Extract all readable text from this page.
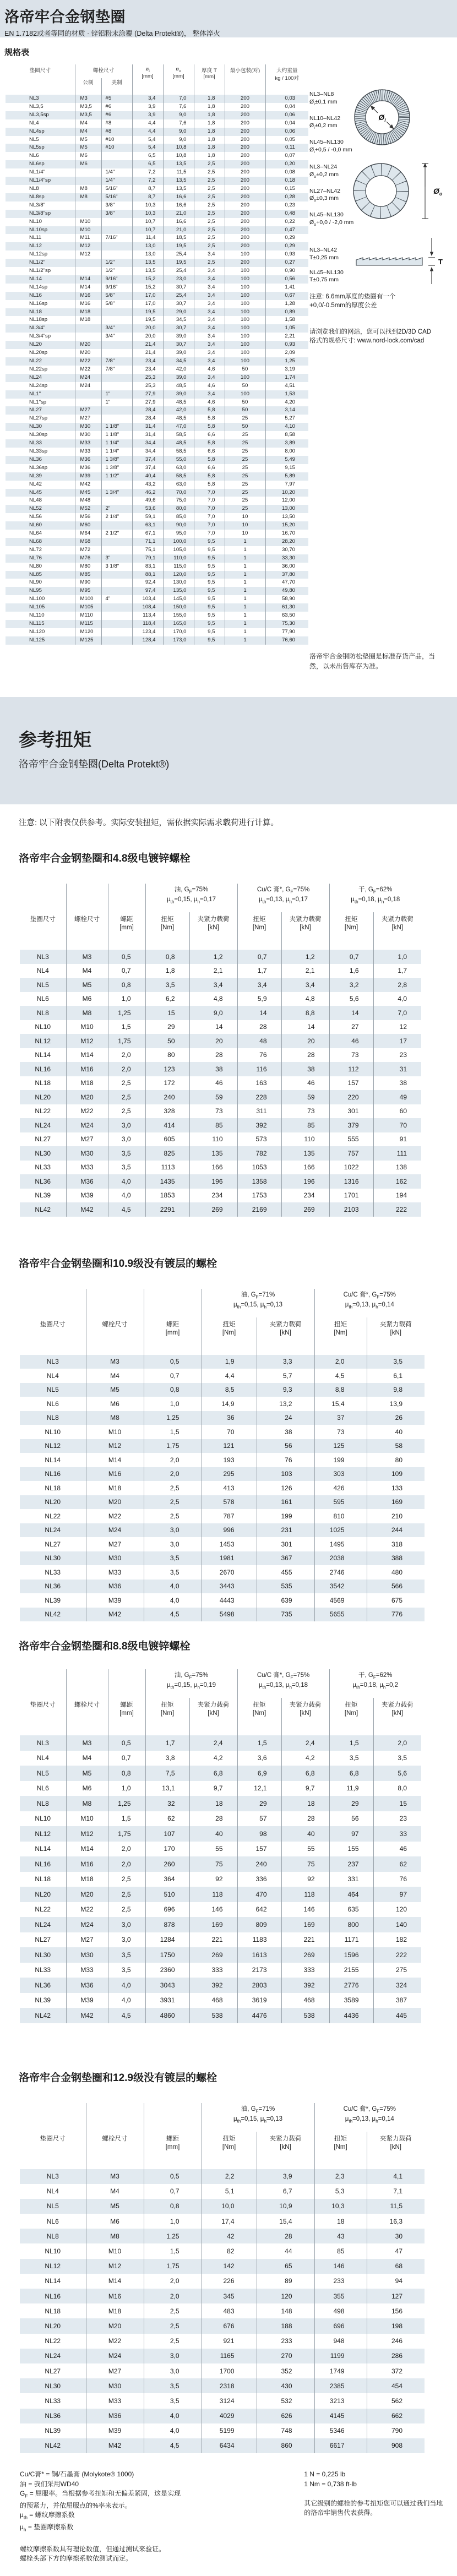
洛帝牢合金钢垫圈
EN 1.7182或者等同的材质 · 锌铝粉末涂覆 (Delta Protekt®)， 整体淬火
规格表
垫圈尺寸	螺栓尺寸		$ø_i$
[mm]	$ø_o$
[mm]	厚度 T
[mm]	最小包装(对)	大约重量
kg / 100对
	公制	美制					
NL3	M3	#5	3,4	7,0	1,8	200	0,03
NL3,5	M3,5	#6	3,9	7,6	1,8	200	0,04
NL3,5sp	M3,5	#6	3,9	9,0	1,8	200	0,06
NL4	M4	#8	4,4	7,6	1,8	200	0,04
NL4sp	M4	#8	4,4	9,0	1,8	200	0,06
NL5	M5	#10	5,4	9,0	1,8	200	0,05
NL5sp	M5	#10	5,4	10,8	1,8	200	0,11
NL6	M6		6,5	10,8	1,8	200	0,07
NL6sp	M6		6,5	13,5	2,5	200	0,20
NL1/4"		1/4"	7,2	11,5	2,5	200	0,08
NL1/4"sp		1/4"	7,2	13,5	2,5	200	0,18
NL8	M8	5/16"	8,7	13,5	2,5	200	0,15
NL8sp	M8	5/16"	8,7	16,6	2,5	200	0,28
NL3/8"		3/8"	10,3	16,6	2,5	200	0,23
NL3/8"sp		3/8"	10,3	21,0	2,5	200	0,48
NL10	M10		10,7	16,6	2,5	200	0,22
NL10sp	M10		10,7	21,0	2,5	200	0,47
NL11	M11	7/16"	11,4	18,5	2,5	200	0,29
NL12	M12		13,0	19,5	2,5	200	0,29
NL12sp	M12		13,0	25,4	3,4	100	0,93
NL1/2"		1/2"	13,5	19,5	2,5	200	0,27
NL1/2"sp		1/2"	13,5	25,4	3,4	100	0,90
NL14	M14	9/16"	15,2	23,0	3,4	100	0,56
NL14sp	M14	9/16"	15,2	30,7	3,4	100	1,41
NL16	M16	5/8"	17,0	25,4	3,4	100	0,67
NL16sp	M16	5/8"	17,0	30,7	3,4	100	1,28
NL18	M18		19,5	29,0	3,4	100	0,89
NL18sp	M18		19,5	34,5	3,4	100	1,58
NL3/4"		3/4"	20,0	30,7	3,4	100	1,05
NL3/4"sp		3/4"	20,0	39,0	3,4	100	2,21
NL20	M20		21,4	30,7	3,4	100	0,93
NL20sp	M20		21,4	39,0	3,4	100	2,09
NL22	M22	7/8"	23,4	34,5	3,4	100	1,25
NL22sp	M22	7/8"	23,4	42,0	4,6	50	3,19
NL24	M24		25,3	39,0	3,4	100	1,74
NL24sp	M24		25,3	48,5	4,6	50	4,51
NL1"		1"	27,9	39,0	3,4	100	1,53
NL1"sp		1"	27,9	48,5	4,6	50	4,20
NL27	M27		28,4	42,0	5,8	50	3,14
NL27sp	M27		28,4	48,5	5,8	25	5,27
NL30	M30	1 1/8"	31,4	47,0	5,8	50	4,10
NL30sp	M30	1 1/8"	31,4	58,5	6,6	25	8,58
NL33	M33	1 1/4"	34,4	48,5	5,8	25	3,89
NL33sp	M33	1 1/4"	34,4	58,5	6,6	25	8,00
NL36	M36	1 3/8"	37,4	55,0	5,8	25	5,49
NL36sp	M36	1 3/8"	37,4	63,0	6,6	25	9,15
NL39	M39	1 1/2"	40,4	58,5	5,8	25	5,89
NL42	M42		43,2	63,0	5,8	25	7,97
NL45	M45	1 3/4"	46,2	70,0	7,0	25	10,20
NL48	M48		49,6	75,0	7,0	25	12,00
NL52	M52	2"	53,6	80,0	7,0	25	13,00
NL56	M56	2 1/4"	59,1	85,0	7,0	10	13,50
NL60	M60		63,1	90,0	7,0	10	15,20
NL64	M64	2 1/2"	67,1	95,0	7,0	10	16,70
NL68	M68		71,1	100,0	9,5	1	28,20
NL72	M72		75,1	105,0	9,5	1	30,70
NL76	M76	3"	79,1	110,0	9,5	1	33,30
NL80	M80	3 1/8"	83,1	115,0	9,5	1	36,00
NL85	M85		88,1	120,0	9,5	1	37,80
NL90	M90		92,4	130,0	9,5	1	47,70
NL95	M95		97,4	135,0	9,5	1	49,80
NL100	M100	4"	103,4	145,0	9,5	1	58,90
NL105	M105		108,4	150,0	9,5	1	61,30
NL110	M110		113,4	155,0	9,5	1	63,50
NL115	M115		118,4	165,0	9,5	1	75,30
NL120	M120		123,4	170,0	9,5	1	77,90
NL125	M125		128,4	173,0	9,5	1	76,60
NL3–NL8
$Ø_i\pm 0,1$ mm

NL10–NL42
$Ø_i\pm 0,2$ mm

NL45–NL130
$Ø_i+0,5 / -0,0$ mm
$Ø_i$
NL3–NL24
$Ø_o\pm 0,2$ mm

NL27–NL42
$Ø_o\pm 0,3$ mm

NL45–NL130
$Ø_o+0,0 / -2,0$ mm
$Ø_o$
NL3–NL42
T±0,25 mm

NL45–NL130
T±0,75 mm
T
注意: 6.6mm厚度的垫圈有一个
+0,0/-0.5mm的厚度公差
请浏览我们的网站，您可以找到2D/3D CAD
格式的规格尺寸: www.nord-lock.com/cad
洛帝牢合金钢防松垫圈是标准存货产品，当
然，以未出售库存为准。
参考扭矩
洛帝牢合金钢垫圈(Delta Protekt®)
注意: 以下附表仅供参考。实际安装扭矩，需依据实际需求载荷进行计算。
洛帝牢合金钢垫圈和4.8级电镀锌螺栓

油, $G_F=75\%$
$\mu_{th}=0,15$, $\mu_h=0,17$

Cu/C 膏*, $G_F=75\%$
$\mu_{th}=0,13$, $\mu_h=0,17$

干, $G_F=62\%$
$\mu_{th}=0,18$, $\mu_h=0,18$

垫圈尺寸	螺栓尺寸	螺距
[mm]	扭矩
[Nm]	夹紧力载荷
[kN]	扭矩
[Nm]	夹紧力载荷
[kN]	扭矩
[Nm]	夹紧力载荷
[kN]
NL3	M3	0,5	0,8	1,2	0,7	1,2	0,7	1,0
NL4	M4	0,7	1,8	2,1	1,7	2,1	1,6	1,7
NL5	M5	0,8	3,5	3,4	3,4	3,4	3,2	2,8
NL6	M6	1,0	6,2	4,8	5,9	4,8	5,6	4,0
NL8	M8	1,25	15	9,0	14	8,8	14	7,0
NL10	M10	1,5	29	14	28	14	27	12
NL12	M12	1,75	50	20	48	20	46	17
NL14	M14	2,0	80	28	76	28	73	23
NL16	M16	2,0	123	38	116	38	112	31
NL18	M18	2,5	172	46	163	46	157	38
NL20	M20	2,5	240	59	228	59	220	49
NL22	M22	2,5	328	73	311	73	301	60
NL24	M24	3,0	414	85	392	85	379	70
NL27	M27	3,0	605	110	573	110	555	91
NL30	M30	3,5	825	135	782	135	757	111
NL33	M33	3,5	1113	166	1053	166	1022	138
NL36	M36	4,0	1435	196	1358	196	1316	162
NL39	M39	4,0	1853	234	1753	234	1701	194
NL42	M42	4,5	2291	269	2169	269	2103	222
洛帝牢合金钢垫圈和10.9级没有镀层的螺栓

油, $G_F=71\%$
$\mu_{th}=0,15$, $\mu_h=0,13$

Cu/C 膏*, $G_F=75\%$
$\mu_{th}=0,13$, $\mu_h=0,14$

垫圈尺寸	螺栓尺寸	螺距
[mm]	扭矩
[Nm]	夹紧力载荷
[kN]	扭矩
[Nm]	夹紧力载荷
[kN]
NL3	M3	0,5	1,9	3,3	2,0	3,5
NL4	M4	0,7	4,4	5,7	4,5	6,1
NL5	M5	0,8	8,5	9,3	8,8	9,8
NL6	M6	1,0	14,9	13,2	15,4	13,9
NL8	M8	1,25	36	24	37	26
NL10	M10	1,5	70	38	73	40
NL12	M12	1,75	121	56	125	58
NL14	M14	2,0	193	76	199	80
NL16	M16	2,0	295	103	303	109
NL18	M18	2,5	413	126	426	133
NL20	M20	2,5	578	161	595	169
NL22	M22	2,5	787	199	810	210
NL24	M24	3,0	996	231	1025	244
NL27	M27	3,0	1453	301	1495	318
NL30	M30	3,5	1981	367	2038	388
NL33	M33	3,5	2670	455	2746	480
NL36	M36	4,0	3443	535	3542	566
NL39	M39	4,0	4443	639	4569	675
NL42	M42	4,5	5498	735	5655	776
洛帝牢合金钢垫圈和8.8级电镀锌螺栓

油, $G_F=75\%$
$\mu_{th}=0,15$, $\mu_h=0,19$

Cu/C 膏*, $G_F=75\%$
$\mu_{th}=0,13$, $\mu_h=0,18$

干, $G_F=62\%$
$\mu_{th}=0,18$, $\mu_h=0,2$

垫圈尺寸	螺栓尺寸	螺距
[mm]	扭矩
[Nm]	夹紧力载荷
[kN]	扭矩
[Nm]	夹紧力载荷
[kN]	扭矩
[Nm]	夹紧力载荷
[kN]
NL3	M3	0,5	1,7	2,4	1,5	2,4	1,5	2,0
NL4	M4	0,7	3,8	4,2	3,6	4,2	3,5	3,5
NL5	M5	0,8	7,5	6,8	6,9	6,8	6,8	5,6
NL6	M6	1,0	13,1	9,7	12,1	9,7	11,9	8,0
NL8	M8	1,25	32	18	29	18	29	15
NL10	M10	1,5	62	28	57	28	56	23
NL12	M12	1,75	107	40	98	40	97	33
NL14	M14	2,0	170	55	157	55	155	46
NL16	M16	2,0	260	75	240	75	237	62
NL18	M18	2,5	364	92	336	92	331	76
NL20	M20	2,5	510	118	470	118	464	97
NL22	M22	2,5	696	146	642	146	635	120
NL24	M24	3,0	878	169	809	169	800	140
NL27	M27	3,0	1284	221	1183	221	1171	182
NL30	M30	3,5	1750	269	1613	269	1596	222
NL33	M33	3,5	2360	333	2173	333	2155	275
NL36	M36	4,0	3043	392	2803	392	2776	324
NL39	M39	4,0	3931	468	3619	468	3589	387
NL42	M42	4,5	4860	538	4476	538	4436	445
洛帝牢合金钢垫圈和12.9级没有镀层的螺栓

油, $G_F=71\%$
$\mu_{th}=0,15$, $\mu_h=0,13$

Cu/C 膏*, $G_F=75\%$
$\mu_{th}=0,13$, $\mu_h=0,14$

垫圈尺寸	螺栓尺寸	螺距
[mm]	扭矩
[Nm]	夹紧力载荷
[kN]	扭矩
[Nm]	夹紧力载荷
[kN]
NL3	M3	0,5	2,2	3,9	2,3	4,1
NL4	M4	0,7	5,1	6,7	5,3	7,1
NL5	M5	0,8	10,0	10,9	10,3	11,5
NL6	M6	1,0	17,4	15,4	18	16,3
NL8	M8	1,25	42	28	43	30
NL10	M10	1,5	82	44	85	47
NL12	M12	1,75	142	65	146	68
NL14	M14	2,0	226	89	233	94
NL16	M16	2,0	345	120	355	127
NL18	M18	2,5	483	148	498	156
NL20	M20	2,5	676	188	696	198
NL22	M22	2,5	921	233	948	246
NL24	M24	3,0	1165	270	1199	286
NL27	M27	3,0	1700	352	1749	372
NL30	M30	3,5	2318	430	2385	454
NL33	M33	3,5	3124	532	3213	562
NL36	M36	4,0	4029	626	4145	662
NL39	M39	4,0	5199	748	5346	790
NL42	M42	4,5	6434	860	6617	908
Cu/C膏* = 铜/石墨膏 (Molykote® 1000)
油 = 我们采用WD40
$G_F$ = 屈服率。当根据参考扭矩和无偏差紧固，这是实现
的预紧力，并依屈服点的%率来表示。
$\mu_{th}$ = 螺纹摩擦系数
$\mu_h$ = 垫圈摩擦系数

螺纹摩擦系数具有理论数值，但通过测试来验证。
螺栓头部下方的摩擦系数依测试而定。
1 N = 0,225 lb
1 Nm = 0,738 ft-lb

其它级别的螺栓的参考扭矩您可以通过我们当地
的洛帝牢销售代表获得。
